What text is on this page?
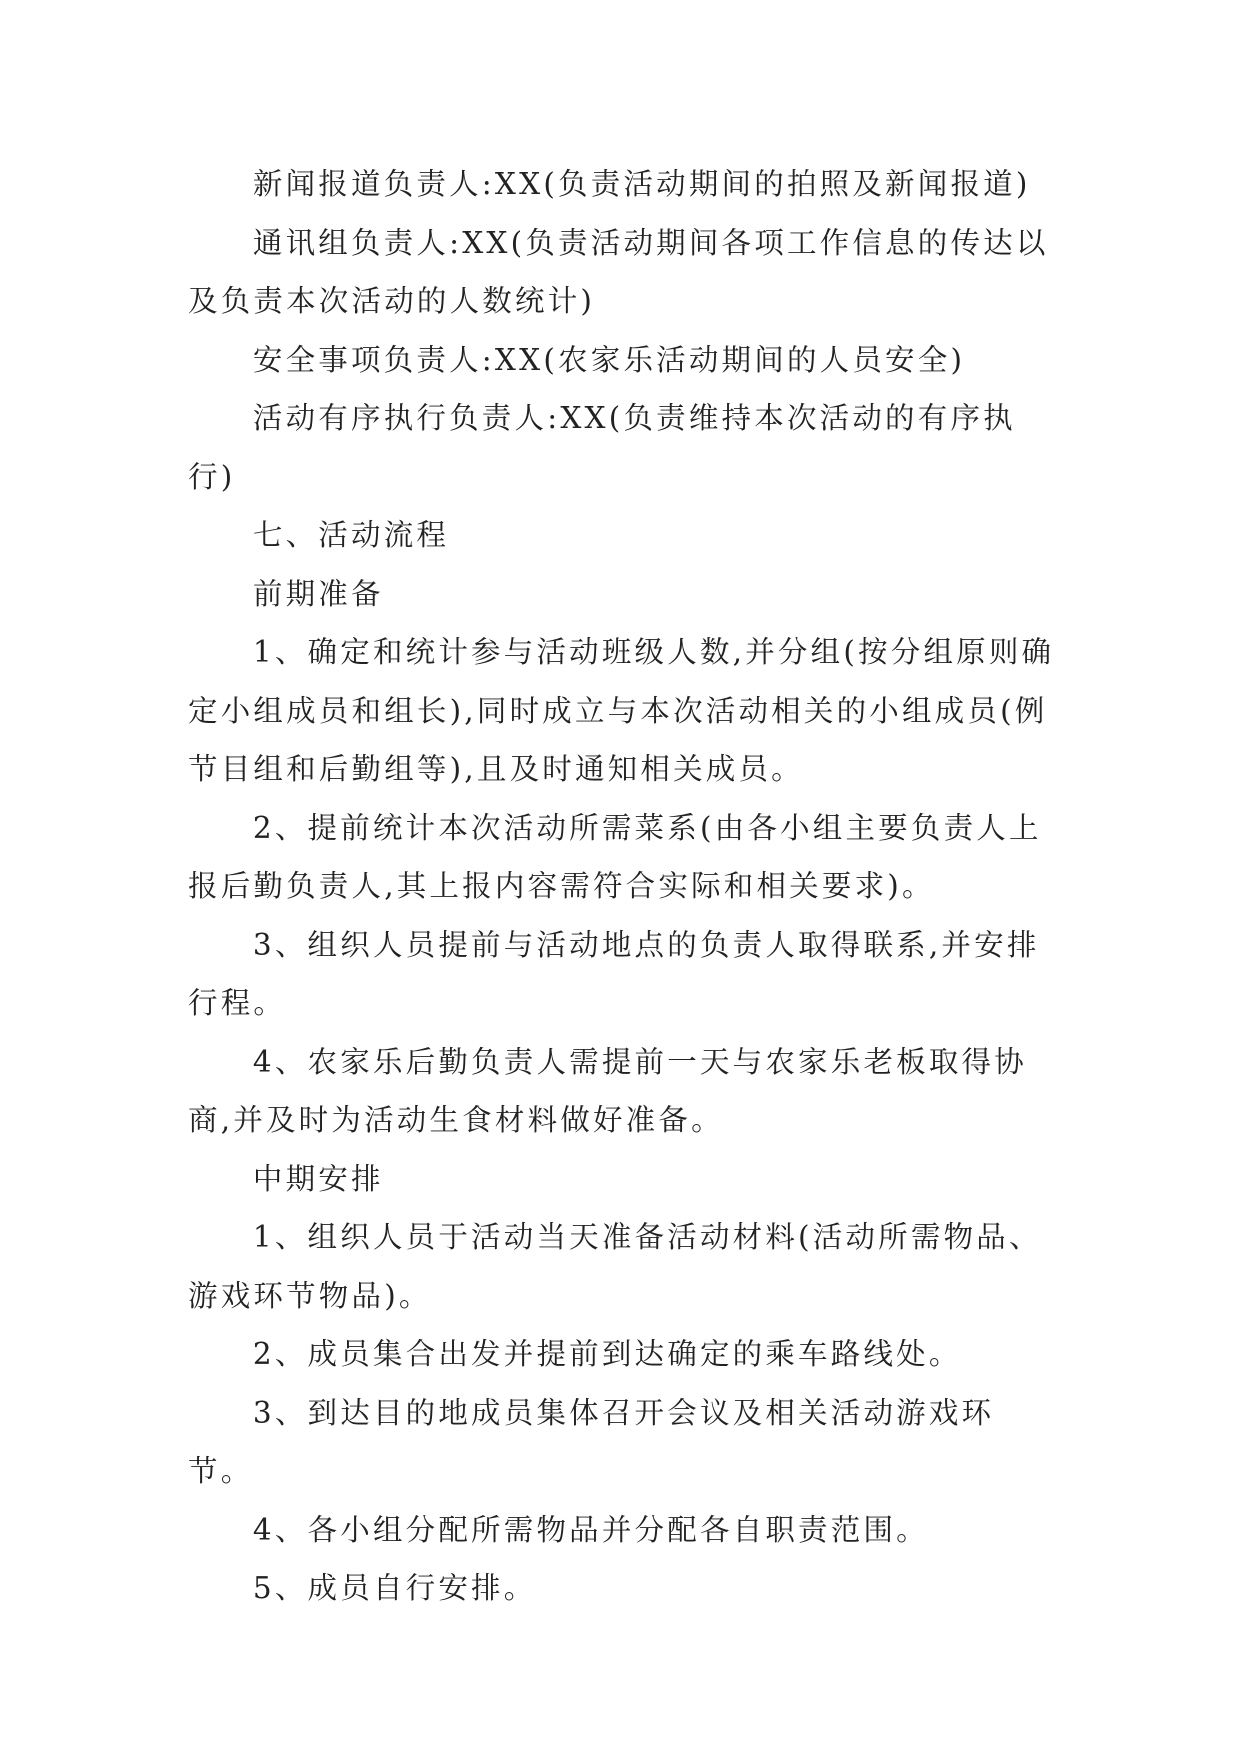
新闻报道负责人:XX(负责活动期间的拍照及新闻报道)

通讯组负责人:XX(负责活动期间各项工作信息的传达以及负责本次活动的人数统计)

安全事项负责人:XX(农家乐活动期间的人员安全)

活动有序执行负责人:XX(负责维持本次活动的有序执行)

七、活动流程

前期准备

1、确定和统计参与活动班级人数,并分组(按分组原则确定小组成员和组长),同时成立与本次活动相关的小组成员(例节目组和后勤组等),且及时通知相关成员。

2、提前统计本次活动所需菜系(由各小组主要负责人上报后勤负责人,其上报内容需符合实际和相关要求)。

3、组织人员提前与活动地点的负责人取得联系,并安排行程。

4、农家乐后勤负责人需提前一天与农家乐老板取得协商,并及时为活动生食材料做好准备。

中期安排

1、组织人员于活动当天准备活动材料(活动所需物品、游戏环节物品)。

2、成员集合出发并提前到达确定的乘车路线处。

3、到达目的地成员集体召开会议及相关活动游戏环节。

4、各小组分配所需物品并分配各自职责范围。

5、成员自行安排。
